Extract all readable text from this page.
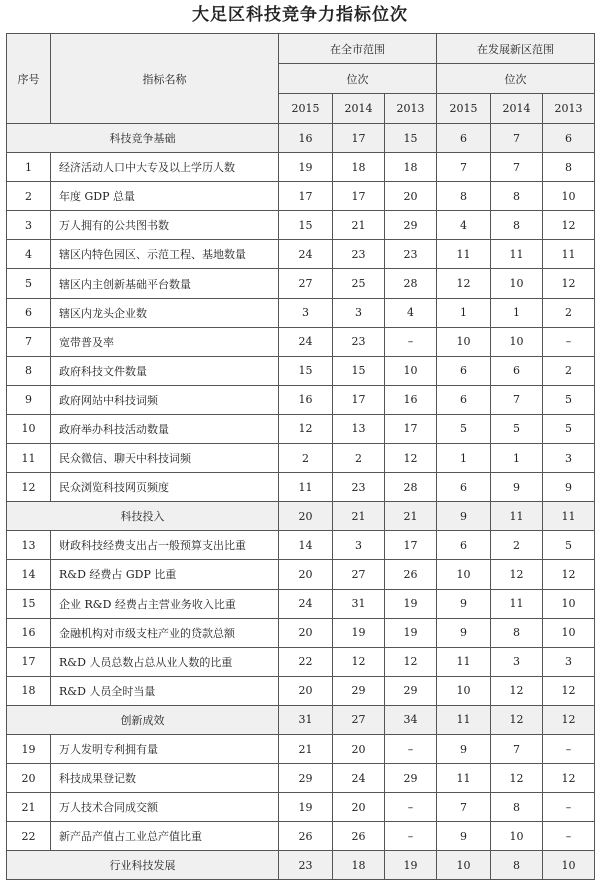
大足区科技竞争力指标位次
序号	指标名称	在全市范围			在发展新区范围		
		位次			位次		
		2015	2014	2013	2015	2014	2013
科技竞争基础		16	17	15	6	7	6
1	经济活动人口中大专及以上学历人数	19	18	18	7	7	8
2	年度 GDP 总量	17	17	20	8	8	10
3	万人拥有的公共图书数	15	21	29	4	8	12
4	辖区内特色园区、示范工程、基地数量	24	23	23	11	11	11
5	辖区内主创新基础平台数量	27	25	28	12	10	12
6	辖区内龙头企业数	3	3	4	1	1	2
7	宽带普及率	24	23	–	10	10	–
8	政府科技文件数量	15	15	10	6	6	2
9	政府网站中科技词频	16	17	16	6	7	5
10	政府举办科技活动数量	12	13	17	5	5	5
11	民众微信、聊天中科技词频	2	2	12	1	1	3
12	民众浏览科技网页频度	11	23	28	6	9	9
科技投入		20	21	21	9	11	11
13	财政科技经费支出占一般预算支出比重	14	3	17	6	2	5
14	R&D 经费占 GDP 比重	20	27	26	10	12	12
15	企业 R&D 经费占主营业务收入比重	24	31	19	9	11	10
16	金融机构对市级支柱产业的贷款总额	20	19	19	9	8	10
17	R&D 人员总数占总从业人数的比重	22	12	12	11	3	3
18	R&D 人员全时当量	20	29	29	10	12	12
创新成效		31	27	34	11	12	12
19	万人发明专利拥有量	21	20	–	9	7	–
20	科技成果登记数	29	24	29	11	12	12
21	万人技术合同成交额	19	20	–	7	8	–
22	新产品产值占工业总产值比重	26	26	–	9	10	–
行业科技发展		23	18	19	10	8	10
